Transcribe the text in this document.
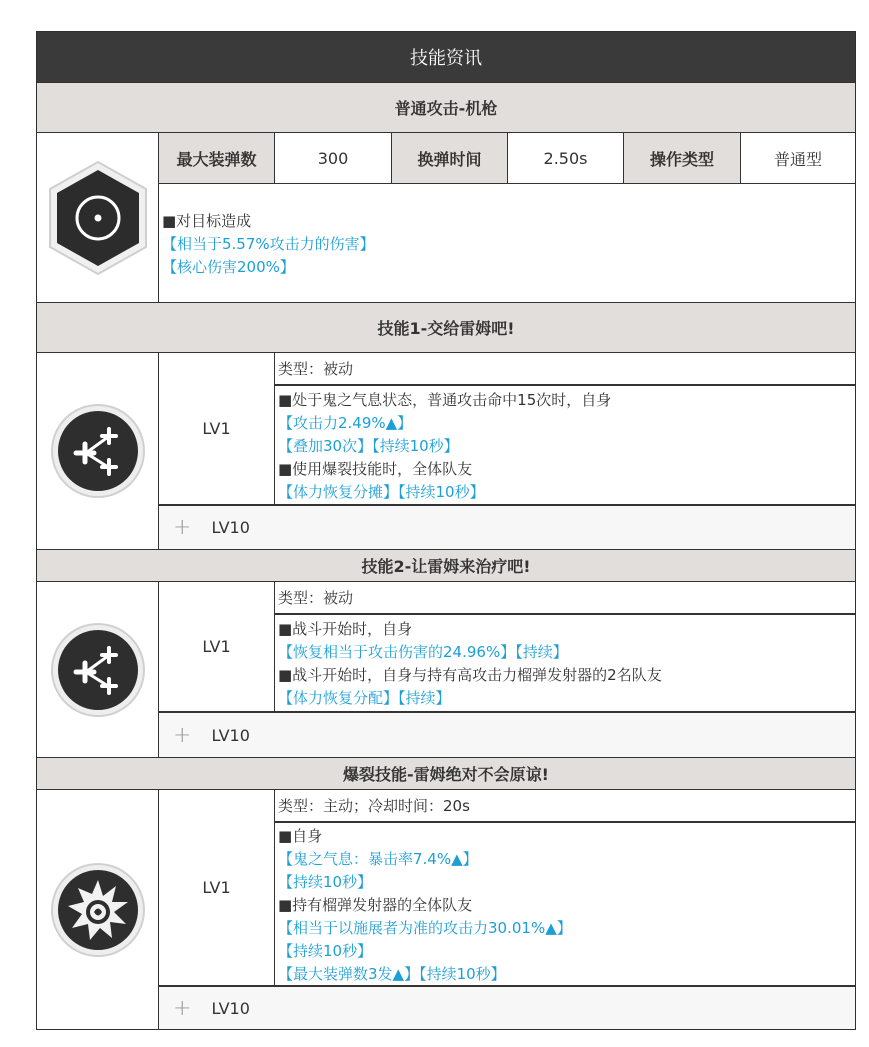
技能资讯
普通攻击-机枪
最大装弹数	300	换弹时间	2.50s	操作类型	普通型
■对目标造成
【相当于5.57%攻击力的伤害】
【核心伤害200%】
技能1-交给雷姆吧!
LV1
类型：被动
■处于鬼之气息状态，普通攻击命中15次时，自身
【攻击力2.49%▲】
【叠加30次】【持续10秒】
■使用爆裂技能时，全体队友
【体力恢复分摊】【持续10秒】
+ LV10
技能2-让雷姆来治疗吧!
LV1
类型：被动
■战斗开始时，自身
【恢复相当于攻击伤害的24.96%】【持续】
■战斗开始时，自身与持有高攻击力榴弹发射器的2名队友
【体力恢复分配】【持续】
+ LV10
爆裂技能-雷姆绝对不会原谅!
LV1
类型：主动；冷却时间：20s
■自身
【鬼之气息：暴击率7.4%▲】
【持续10秒】
■持有榴弹发射器的全体队友
【相当于以施展者为准的攻击力30.01%▲】
【持续10秒】
【最大装弹数3发▲】【持续10秒】
+ LV10
